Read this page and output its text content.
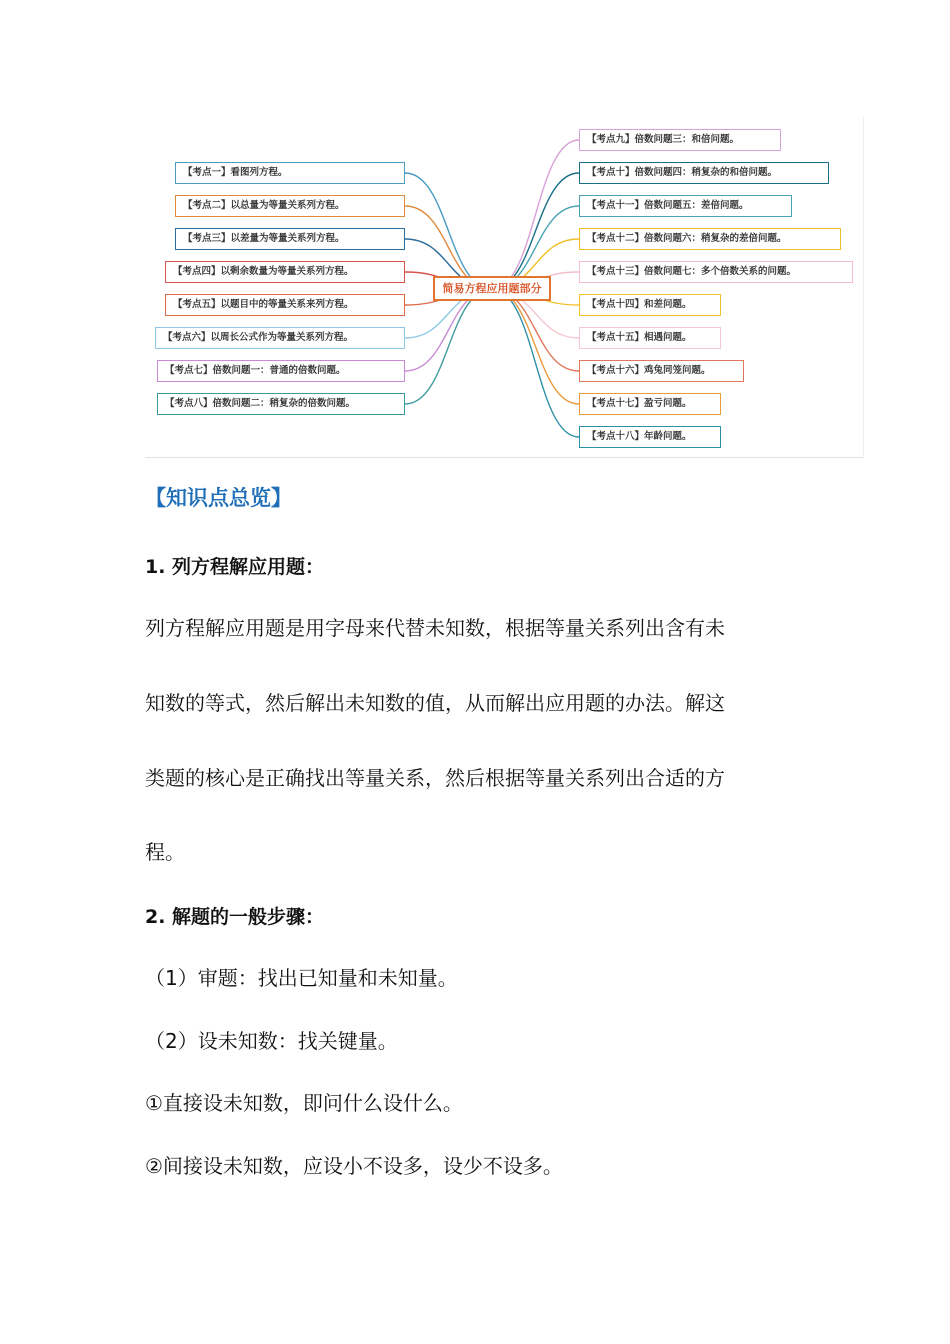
简易方程应用题部分
【考点一】看图列方程。
【考点二】以总量为等量关系列方程。
【考点三】以差量为等量关系列方程。
【考点四】以剩余数量为等量关系列方程。
【考点五】以题目中的等量关系来列方程。
【考点六】以周长公式作为等量关系列方程。
【考点七】倍数问题一：普通的倍数问题。
【考点八】倍数问题二：稍复杂的倍数问题。
【考点九】倍数问题三：和倍问题。
【考点十】倍数问题四：稍复杂的和倍问题。
【考点十一】倍数问题五：差倍问题。
【考点十二】倍数问题六：稍复杂的差倍问题。
【考点十三】倍数问题七：多个倍数关系的问题。
【考点十四】和差问题。
【考点十五】相遇问题。
【考点十六】鸡兔同笼问题。
【考点十七】盈亏问题。
【考点十八】年龄问题。
【知识点总览】
1. 列方程解应用题：
列方程解应用题是用字母来代替未知数，根据等量关系列出含有未
知数的等式，然后解出未知数的值，从而解出应用题的办法。解这
类题的核心是正确找出等量关系，然后根据等量关系列出合适的方
程。
2. 解题的一般步骤：
（1）审题：找出已知量和未知量。
（2）设未知数：找关键量。
①直接设未知数，即问什么设什么。
②间接设未知数，应设小不设多，设少不设多。
